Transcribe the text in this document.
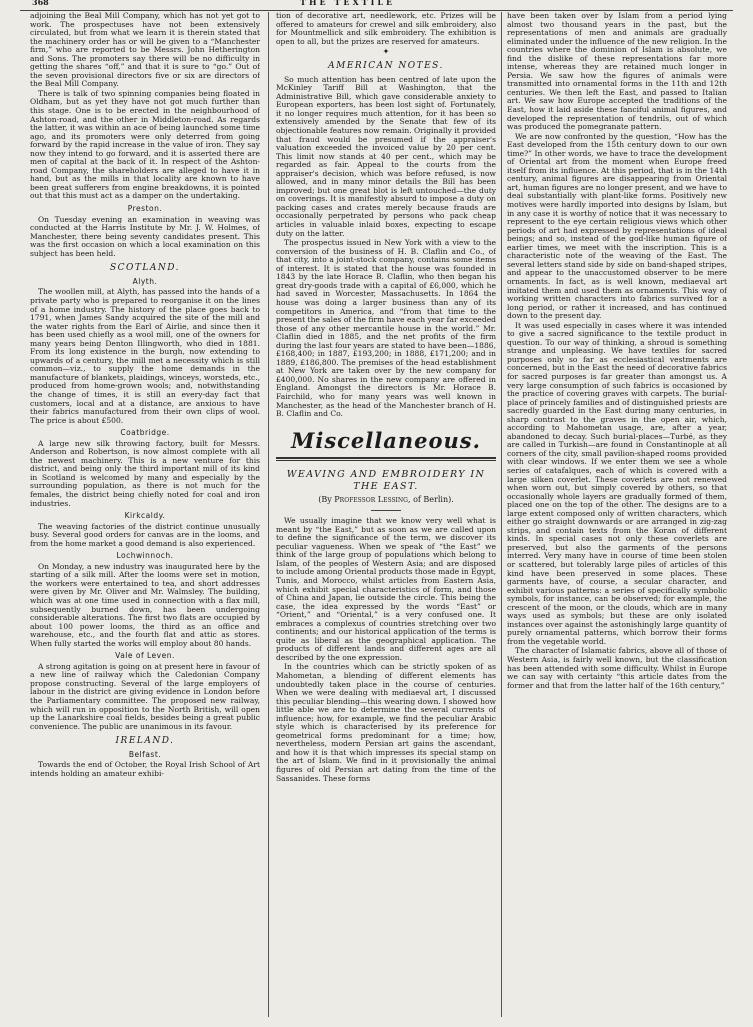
368	THE TEXTILE

adjoining the Beal Mill Company, which has not yet got to work. The prospectuses have not been extensively circulated, but from what we learn it is therein stated that the machinery order has or will be given to a “Manchester firm,” who are reported to be Messrs. John Hetherington and Sons. The promoters say there will be no difficulty in getting the shares “off,” and that it is sure to “go.” Out of the seven provisional directors five or six are directors of the Beal Mill Company.

There is talk of two spinning companies being floated in Oldham, but as yet they have not got much further than this stage. One is to be erected in the neighbourhood of Ashton-road, and the other in Middleton-road. As regards the latter, it was within an ace of being launched some time ago, and its promoters were only deterred from going forward by the rapid increase in the value of iron. They say now they intend to go forward, and it is asserted there are men of capital at the back of it. In respect of the Ashton-road Company, the shareholders are alleged to have it in hand, but as the mills in that locality are known to have been great sufferers from engine breakdowns, it is pointed out that this must act as a damper on the undertaking.

Preston.

On Tuesday evening an examination in weaving was conducted at the Harris Institute by Mr. J. W. Holmes, of Manchester, there being seventy candidates present. This was the first occasion on which a local examination on this subject has been held.

SCOTLAND.
Alyth.

The woollen mill, at Alyth, has passed into the hands of a private party who is prepared to reorganise it on the lines of a home industry. The history of the place goes back to 1791, when James Sandy acquired the site of the mill and the water rights from the Earl of Airlie, and since then it has been used chiefly as a wool mill, one of the owners for many years being Denton Illingworth, who died in 1881. From its long existence in the burgh, now extending to upwards of a century, the mill met a necessity which is still common—viz., to supply the home demands in the manufacture of blankets, plaidings, winceys, worsteds, etc., produced from home-grown wools; and, notwithstanding the change of times, it is still an every-day fact that customers, local and at a distance, are anxious to have their fabrics manufactured from their own clips of wool. The price is about £500.

Coatbridge.

A large new silk throwing factory, built for Messrs. Anderson and Robertson, is now almost complete with all the newest machinery. This is a new venture for this district, and being only the third important mill of its kind in Scotland is welcomed by many and especially by the surrounding population, as there is not much for the females, the district being chiefly noted for coal and iron industries.

Kirkcaldy.

The weaving factories of the district continue unusually busy. Several good orders for canvas are in the looms, and from the home market a good demand is also experienced.

Lochwinnoch.

On Monday, a new industry was inaugurated here by the starting of a silk mill. After the looms were set in motion, the workers were entertained to tea, and short addresses were given by Mr. Oliver and Mr. Walmsley. The building, which was at one time used in connection with a flax mill, subsequently burned down, has been undergoing considerable alterations. The first two flats are occupied by about 100 power looms, the third as an office and warehouse, etc., and the fourth flat and attic as stores. When fully started the works will employ about 80 hands.

Vale of Leven.

A strong agitation is going on at present here in favour of a new line of railway which the Caledonian Company propose constructing. Several of the large employers of labour in the district are giving evidence in London before the Parliamentary committee. The proposed new railway, which will run in opposition to the North British, will open up the Lanarkshire coal fields, besides being a great public convenience. The public are unanimous in its favour.

IRELAND.
Belfast.

Towards the end of October, the Royal Irish School of Art intends holding an amateur exhibi-

tion of decorative art, needlework, etc. Prizes will be offered to amateurs for crewel and silk embroidery, also for Mountmellick and silk embroidery. The exhibition is open to all, but the prizes are reserved for amateurs.

✦
AMERICAN NOTES.

So much attention has been centred of late upon the McKinley Tariff Bill at Washington, that the Administrative Bill, which gave considerable anxiety to European exporters, has been lost sight of. Fortunately, it no longer requires much attention, for it has been so extensively amended by the Senate that few of its objectionable features now remain. Originally it provided that fraud would be presumed if the appraiser's valuation exceeded the invoiced value by 20 per cent. This limit now stands at 40 per cent., which may be regarded as fair. Appeal to the courts from the appraiser's decision, which was before refused, is now allowed, and in many minor details the Bill has been improved; but one great blot is left untouched—the duty on coverings. It is manifestly absurd to impose a duty on packing cases and crates merely because frauds are occasionally perpetrated by persons who pack cheap articles in valuable inlaid boxes, expecting to escape duty on the latter.

The prospectus issued in New York with a view to the conversion of the business of H. B. Claflin and Co., of that city, into a joint-stock company, contains some items of interest. It is stated that the house was founded in 1843 by the late Horace B. Claflin, who then began his great dry-goods trade with a capital of £6,000, which he had saved in Worcester, Massachusetts. In 1864 the house was doing a larger business than any of its competitors in America, and “from that time to the present the sales of the firm have each year far exceeded those of any other mercantile house in the world.” Mr. Claflin died in 1885, and the net profits of the firm during the last four years are stated to have been—1886, £168,400; in 1887, £193,200; in 1888, £171,200; and in 1889, £186,800. The premises of the head establishment at New York are taken over by the new company for £400,000. No shares in the new company are offered in England. Amongst the directors is Mr. Horace B. Fairchild, who for many years was well known in Manchester, as the head of the Manchester branch of H. B. Claflin and Co.

Miscellaneous.
WEAVING AND EMBROIDERY IN THE EAST.
(By Professor Lessing, of Berlin).

We usually imagine that we know very well what is meant by “the East,” but as soon as we are called upon to define the significance of the term, we discover its peculiar vagueness. When we speak of “the East” we think of the large group of populations which belong to Islam, of the peoples of Western Asia; and are disposed to include among Oriental products those made in Egypt, Tunis, and Morocco, whilst articles from Eastern Asia, which exhibit special characteristics of form, and those of China and Japan, lie outside the circle. This being the case, the idea expressed by the words “East” or “Orient,” and “Oriental,” is a very confused one. It embraces a complexus of countries stretching over two continents; and our historical application of the terms is quite as liberal as the geographical application. The products of different lands and different ages are all described by the one expression.

In the countries which can be strictly spoken of as Mahometan, a blending of different elements has undoubtedly taken place in the course of centuries. When we were dealing with mediaeval art, I discussed this peculiar blending—this wearing down. I showed how little able we are to determine the several currents of influence; how, for example, we find the peculiar Arabic style which is characterised by its preference for geometrical forms predominant for a time; how, nevertheless, modern Persian art gains the ascendant, and how it is that which impresses its special stamp on the art of Islam. We find in it provisionally the animal figures of old Persian art dating from the time of the Sassanides. These forms

have been taken over by Islam from a period lying almost two thousand years in the past, but the representations of men and animals are gradually eliminated under the influence of the new religion. In the countries where the dominion of Islam is absolute, we find the dislike of these representations far more intense, whereas they are retained much longer in Persia. We saw how the figures of animals were transmitted into ornamental forms in the 11th and 12th centuries. We then left the East, and passed to Italian art. We saw how Europe accepted the traditions of the East, how it laid aside these fanciful animal figures, and developed the representation of tendrils, out of which was produced the pomegranate pattern.

We are now confronted by the question, “How has the East developed from the 15th century down to our own time?” In other words, we have to trace the development of Oriental art from the moment when Europe freed itself from its influence. At this period, that is in the 14th century, animal figures are disappearing from Oriental art, human figures are no longer present, and we have to deal substantially with plant-like forms. Positively new motives were hardly imported into designs by Islam, but in any case it is worthy of notice that it was necessary to represent to the eye certain religious views which other periods of art had expressed by representations of ideal beings; and so, instead of the god-like human figure of earlier times, we meet with the inscription. This is a characteristic note of the weaving of the East. The several letters stand side by side on band-shaped stripes, and appear to the unaccustomed observer to be mere ornaments. In fact, as is well known, mediaeval art imitated them and used them as ornaments. This way of working written characters into fabrics survived for a long period, or rather it increased, and has continued down to the present day.

It was used especially in cases where it was intended to give a sacred significance to the textile product in question. To our way of thinking, a shroud is something strange and unpleasing. We have textiles for sacred purposes only so far as ecclesiastical vestments are concerned, but in the East the need of decorative fabrics for sacred purposes is far greater than amongst us. A very large consumption of such fabrics is occasioned by the practice of covering graves with carpets. The burial-place of princely families and of distinguished priests are sacredly guarded in the East during many centuries, in sharp contrast to the graves in the open air, which, according to Mahometan usage, are, after a year, abandoned to decay. Such burial-places—Turbé, as they are called in Turkish—are found in Constantinople at all corners of the city, small pavilion-shaped rooms provided with clear windows. If we enter them we see a whole series of catafalques, each of which is covered with a large silken coverlet. These coverlets are not renewed when worn out, but simply covered by others, so that occasionally whole layers are gradually formed of them, placed one on the top of the other. The designs are to a large extent composed only of written characters, which either go straight downwards or are arranged in zig-zag strips, and contain texts from the Koran of different kinds. In special cases not only these coverlets are preserved, but also the garments of the persons interred. Very many have in course of time been stolen or scattered, but tolerably large piles of articles of this kind have been preserved in some places. These garments have, of course, a secular character, and exhibit various patterns: a series of specifically symbolic symbols, for instance, can be observed; for example, the crescent of the moon, or the clouds, which are in many ways used as symbols; but these are only isolated instances over against the astonishingly large quantity of purely ornamental patterns, which borrow their forms from the vegetable world.

The character of Islamatic fabrics, above all of those of Western Asia, is fairly well known, but the classification has been attended with some difficulty. Whilst in Europe we can say with certainty “this article dates from the former and that from the latter half of the 16th century,”
